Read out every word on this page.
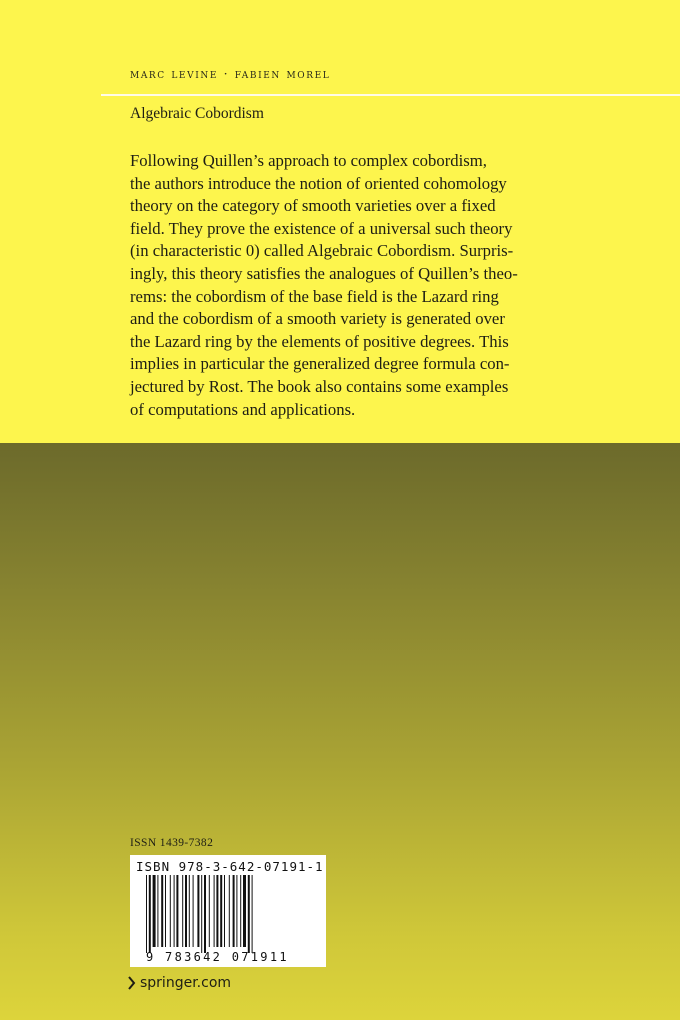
marc levine · fabien morel
Algebraic Cobordism
Following Quillen’s approach to complex cobordism,
the authors introduce the notion of oriented cohomology
theory on the category of smooth varieties over a fixed
field. They prove the existence of a universal such theory
(in characteristic 0) called Algebraic Cobordism. Surpris-
ingly, this theory satisfies the analogues of Quillen’s theo-
rems: the cobordism of the base field is the Lazard ring
and the cobordism of a smooth variety is generated over
the Lazard ring by the elements of positive degrees. This
implies in particular the generalized degree formula con-
jectured by Rost. The book also contains some examples
of computations and applications.
ISSN 1439-7382
ISBN 978-3-642-07191-1
9 783642 071911
springer.com
